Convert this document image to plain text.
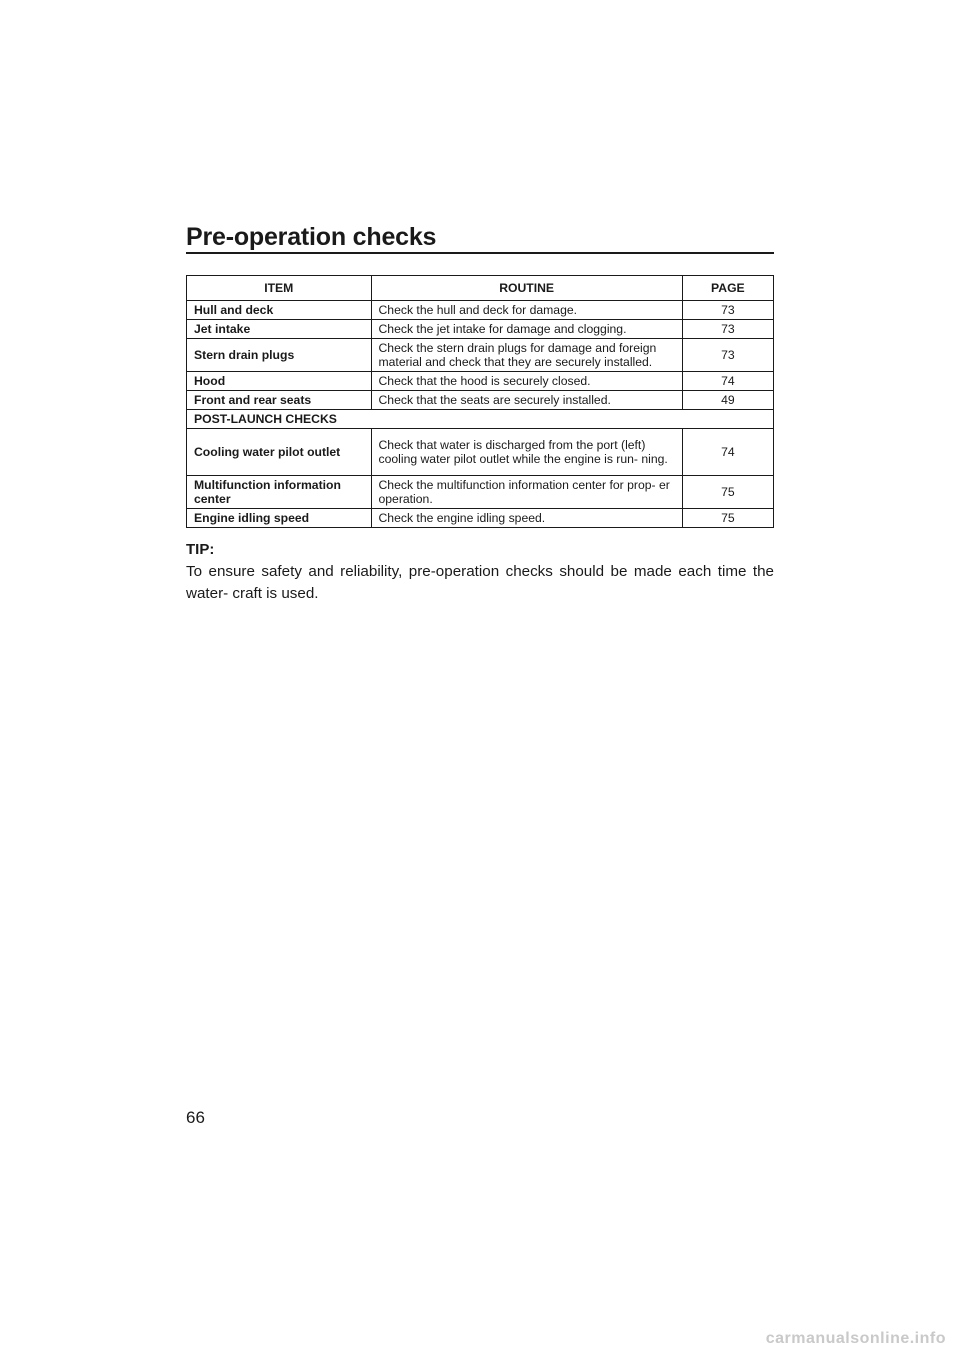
Pre-operation checks
ITEM	ROUTINE	PAGE
Hull and deck	Check the hull and deck for damage.	73
Jet intake	Check the jet intake for damage and clogging.	73
Stern drain plugs	Check the stern drain plugs for damage and foreign material and check that they are securely installed.	73
Hood	Check that the hood is securely closed.	74
Front and rear seats	Check that the seats are securely installed.	49
POST-LAUNCH CHECKS		
Cooling water pilot outlet	Check that water is discharged from the port (left) cooling water pilot outlet while the engine is run- ning.	74
Multifunction information center	Check the multifunction information center for prop- er operation.	75
Engine idling speed	Check the engine idling speed.	75
TIP:

To ensure safety and reliability, pre-operation checks should be made each time the water- craft is used.

66
carmanualsonline.info
